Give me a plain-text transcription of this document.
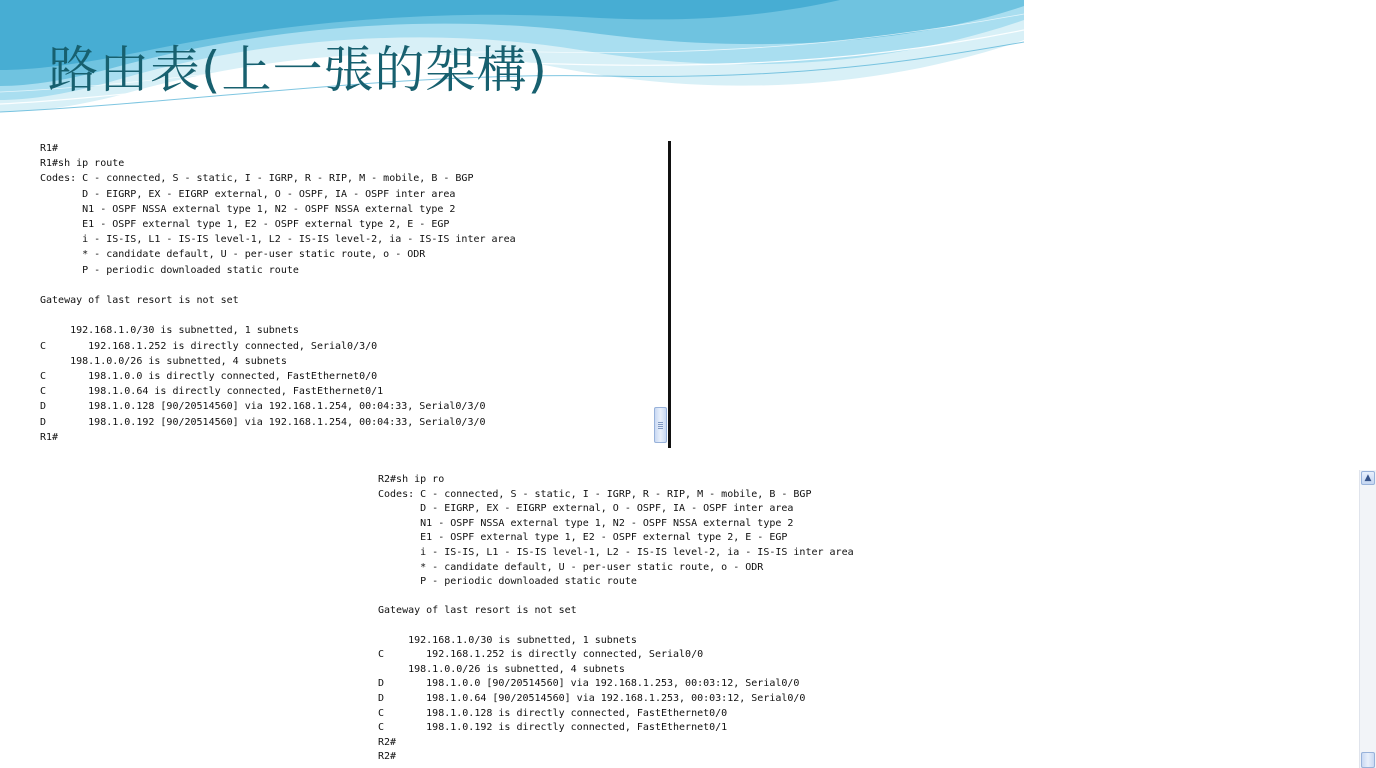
路由表(上一張的架構)
R1#
R1#sh ip route
Codes: C - connected, S - static, I - IGRP, R - RIP, M - mobile, B - BGP
D - EIGRP, EX - EIGRP external, O - OSPF, IA - OSPF inter area
N1 - OSPF NSSA external type 1, N2 - OSPF NSSA external type 2
E1 - OSPF external type 1, E2 - OSPF external type 2, E - EGP
i - IS-IS, L1 - IS-IS level-1, L2 - IS-IS level-2, ia - IS-IS inter area
* - candidate default, U - per-user static route, o - ODR
P - periodic downloaded static route

Gateway of last resort is not set

192.168.1.0/30 is subnetted, 1 subnets
C       192.168.1.252 is directly connected, Serial0/3/0
198.1.0.0/26 is subnetted, 4 subnets
C       198.1.0.0 is directly connected, FastEthernet0/0
C       198.1.0.64 is directly connected, FastEthernet0/1
D       198.1.0.128 [90/20514560] via 192.168.1.254, 00:04:33, Serial0/3/0
D       198.1.0.192 [90/20514560] via 192.168.1.254, 00:04:33, Serial0/3/0
R1#
R2#sh ip ro
Codes: C - connected, S - static, I - IGRP, R - RIP, M - mobile, B - BGP
D - EIGRP, EX - EIGRP external, O - OSPF, IA - OSPF inter area
N1 - OSPF NSSA external type 1, N2 - OSPF NSSA external type 2
E1 - OSPF external type 1, E2 - OSPF external type 2, E - EGP
i - IS-IS, L1 - IS-IS level-1, L2 - IS-IS level-2, ia - IS-IS inter area
* - candidate default, U - per-user static route, o - ODR
P - periodic downloaded static route

Gateway of last resort is not set

192.168.1.0/30 is subnetted, 1 subnets
C       192.168.1.252 is directly connected, Serial0/0
198.1.0.0/26 is subnetted, 4 subnets
D       198.1.0.0 [90/20514560] via 192.168.1.253, 00:03:12, Serial0/0
D       198.1.0.64 [90/20514560] via 192.168.1.253, 00:03:12, Serial0/0
C       198.1.0.128 is directly connected, FastEthernet0/0
C       198.1.0.192 is directly connected, FastEthernet0/1
R2#
R2#
▲
